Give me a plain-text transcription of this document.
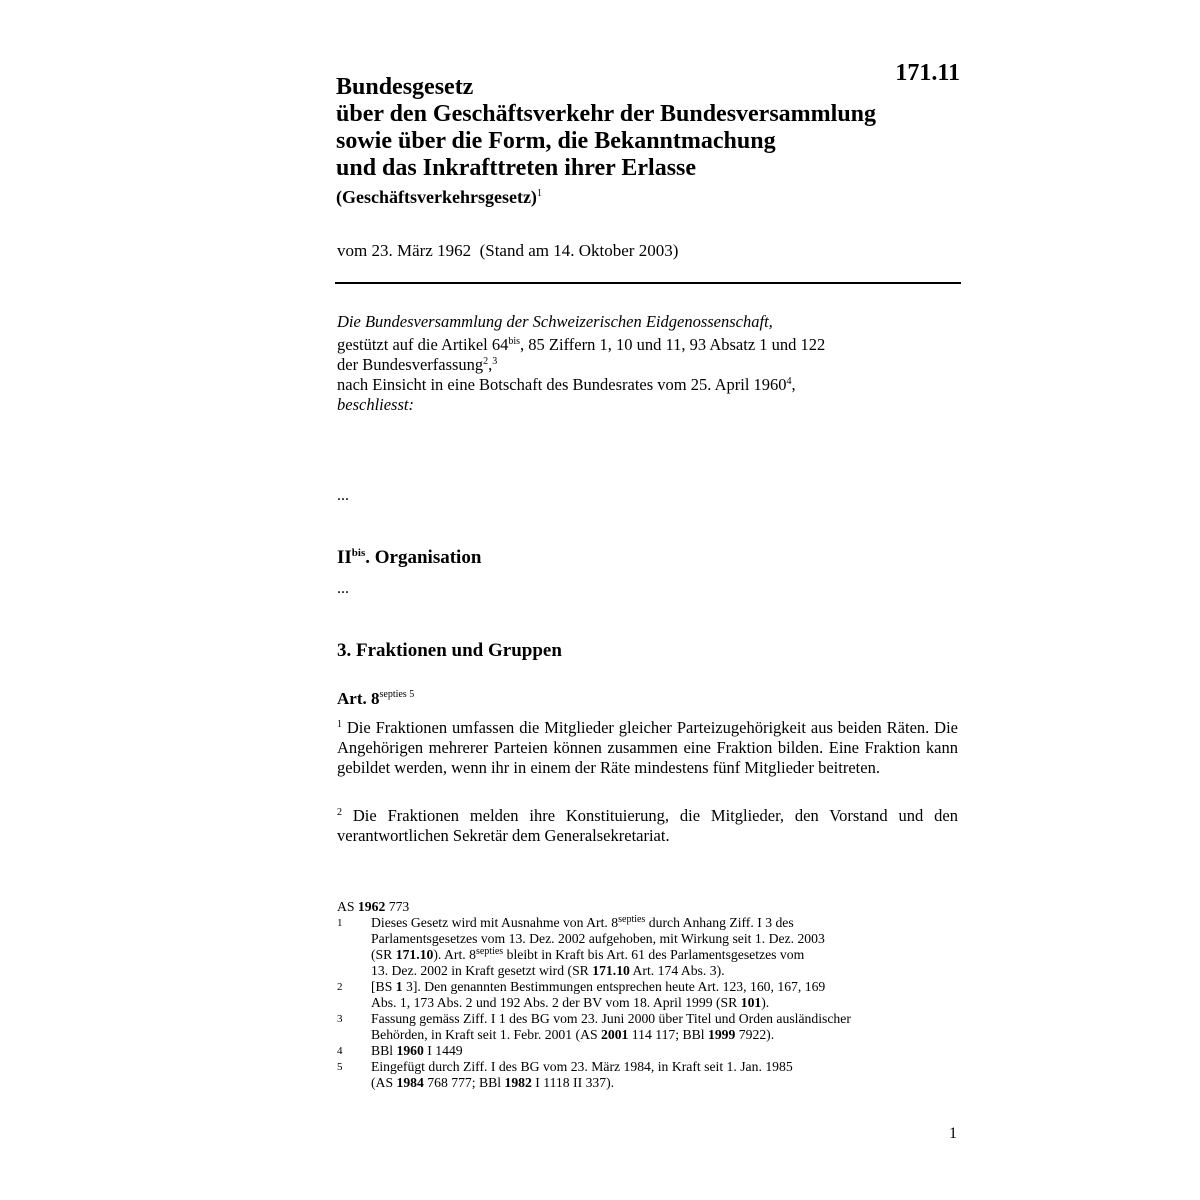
171.11
Bundesgesetz
über den Geschäftsverkehr der Bundesversammlung
sowie über die Form, die Bekanntmachung
und das Inkrafttreten ihrer Erlasse
(Geschäftsverkehrsgesetz)$^1$
vom 23. März 1962  (Stand am 14. Oktober 2003)
Die Bundesversammlung der Schweizerischen Eidgenossenschaft,
gestützt auf die Artikel $64^{bis}$, 85 Ziffern 1, 10 und 11, 93 Absatz 1 und 122
der Bundesverfassung$^2$,$^3$
nach Einsicht in eine Botschaft des Bundesrates vom 25. April 1960$^4$,
beschliesst:
...
$II^{bis}$. Organisation
...
3. Fraktionen und Gruppen
Art. $8^{septies 5}$
$^1$ Die Fraktionen umfassen die Mitglieder gleicher Parteizugehörigkeit aus beiden Räten. Die Angehörigen mehrerer Parteien können zusammen eine Fraktion bilden. Eine Fraktion kann gebildet werden, wenn ihr in einem der Räte mindestens fünf Mitglieder beitreten.
$^2$ Die Fraktionen melden ihre Konstituierung, die Mitglieder, den Vorstand und den verantwortlichen Sekretär dem Generalsekretariat.
AS 1962 773
1	Dieses Gesetz wird mit Ausnahme von Art. $8^{septies}$ durch Anhang Ziff. I 3 des
Parlamentsgesetzes vom 13. Dez. 2002 aufgehoben, mit Wirkung seit 1. Dez. 2003
(SR 171.10). Art. $8^{septies}$ bleibt in Kraft bis Art. 61 des Parlamentsgesetzes vom
13. Dez. 2002 in Kraft gesetzt wird (SR 171.10 Art. 174 Abs. 3).
2	[BS 1 3]. Den genannten Bestimmungen entsprechen heute Art. 123, 160, 167, 169
Abs. 1, 173 Abs. 2 und 192 Abs. 2 der BV vom 18. April 1999 (SR 101).
3	Fassung gemäss Ziff. I 1 des BG vom 23. Juni 2000 über Titel und Orden ausländischer
Behörden, in Kraft seit 1. Febr. 2001 (AS 2001 114 117; BBl 1999 7922).
4	BBl 1960 I 1449
5	Eingefügt durch Ziff. I des BG vom 23. März 1984, in Kraft seit 1. Jan. 1985
(AS 1984 768 777; BBl 1982 I 1118 II 337).
1
